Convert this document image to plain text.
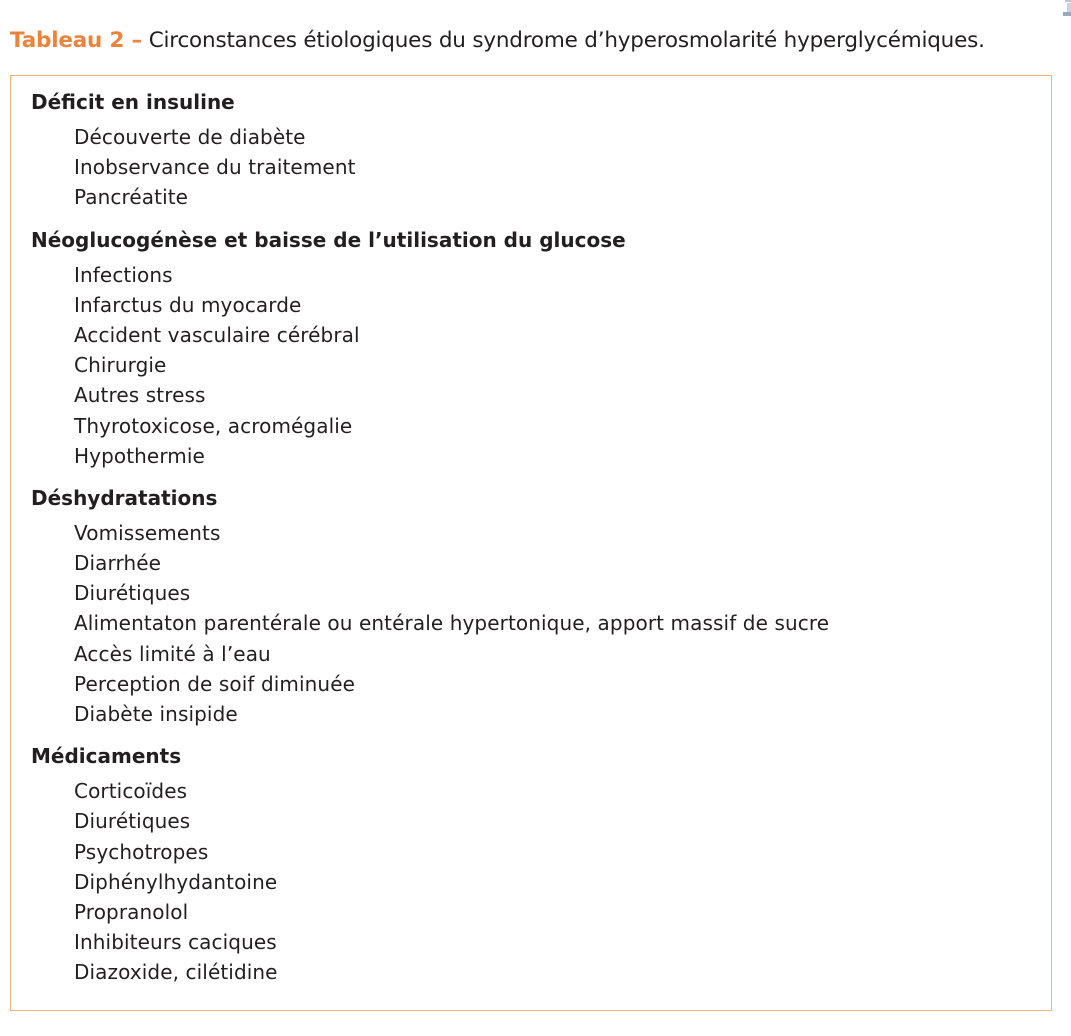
Tableau 2 – Circonstances étiologiques du syndrome d’hyperosmolarité hyperglycémiques.
Déficit en insuline
Découverte de diabète
Inobservance du traitement
Pancréatite
Néoglucogénèse et baisse de l’utilisation du glucose
Infections
Infarctus du myocarde
Accident vasculaire cérébral
Chirurgie
Autres stress
Thyrotoxicose, acromégalie
Hypothermie
Déshydratations
Vomissements
Diarrhée
Diurétiques
Alimentaton parentérale ou entérale hypertonique, apport massif de sucre
Accès limité à l’eau
Perception de soif diminuée
Diabète insipide
Médicaments
Corticoïdes
Diurétiques
Psychotropes
Diphénylhydantoine
Propranolol
Inhibiteurs caciques
Diazoxide, cilétidine
